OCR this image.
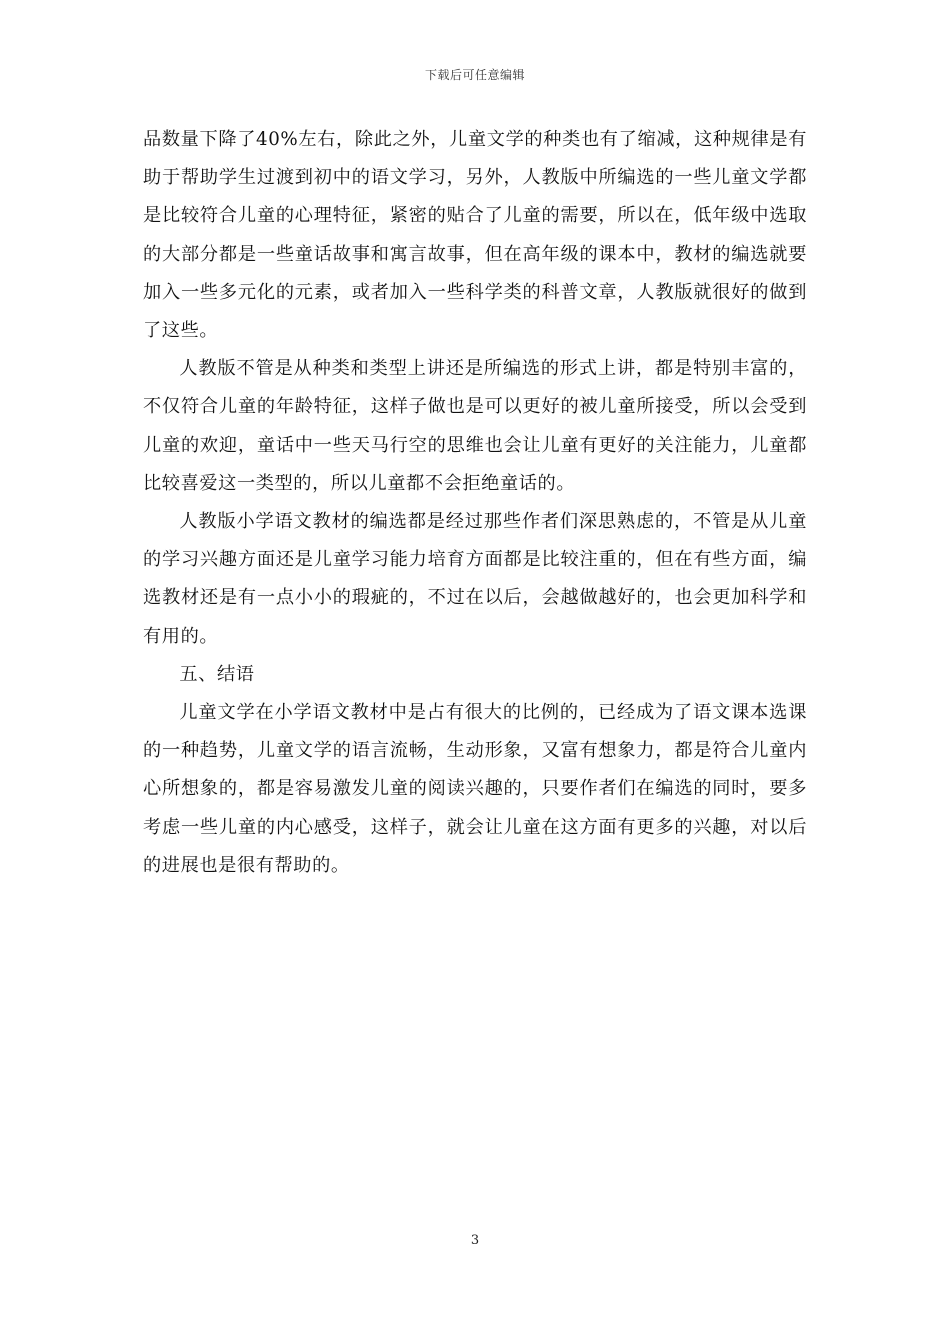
下载后可任意编辑

品数量下降了40%左右，除此之外，儿童文学的种类也有了缩减，这种规律是有助于帮助学生过渡到初中的语文学习，另外，人教版中所编选的一些儿童文学都是比较符合儿童的心理特征，紧密的贴合了儿童的需要，所以在，低年级中选取的大部分都是一些童话故事和寓言故事，但在高年级的课本中，教材的编选就要加入一些多元化的元素，或者加入一些科学类的科普文章，人教版就很好的做到了这些。

人教版不管是从种类和类型上讲还是所编选的形式上讲，都是特别丰富的，不仅符合儿童的年龄特征，这样子做也是可以更好的被儿童所接受，所以会受到儿童的欢迎，童话中一些天马行空的思维也会让儿童有更好的关注能力，儿童都比较喜爱这一类型的，所以儿童都不会拒绝童话的。

人教版小学语文教材的编选都是经过那些作者们深思熟虑的，不管是从儿童的学习兴趣方面还是儿童学习能力培育方面都是比较注重的，但在有些方面，编选教材还是有一点小小的瑕疵的，不过在以后，会越做越好的，也会更加科学和有用的。

五、结语

儿童文学在小学语文教材中是占有很大的比例的，已经成为了语文课本选课的一种趋势，儿童文学的语言流畅，生动形象，又富有想象力，都是符合儿童内心所想象的，都是容易激发儿童的阅读兴趣的，只要作者们在编选的同时，要多考虑一些儿童的内心感受，这样子，就会让儿童在这方面有更多的兴趣，对以后的进展也是很有帮助的。

3
